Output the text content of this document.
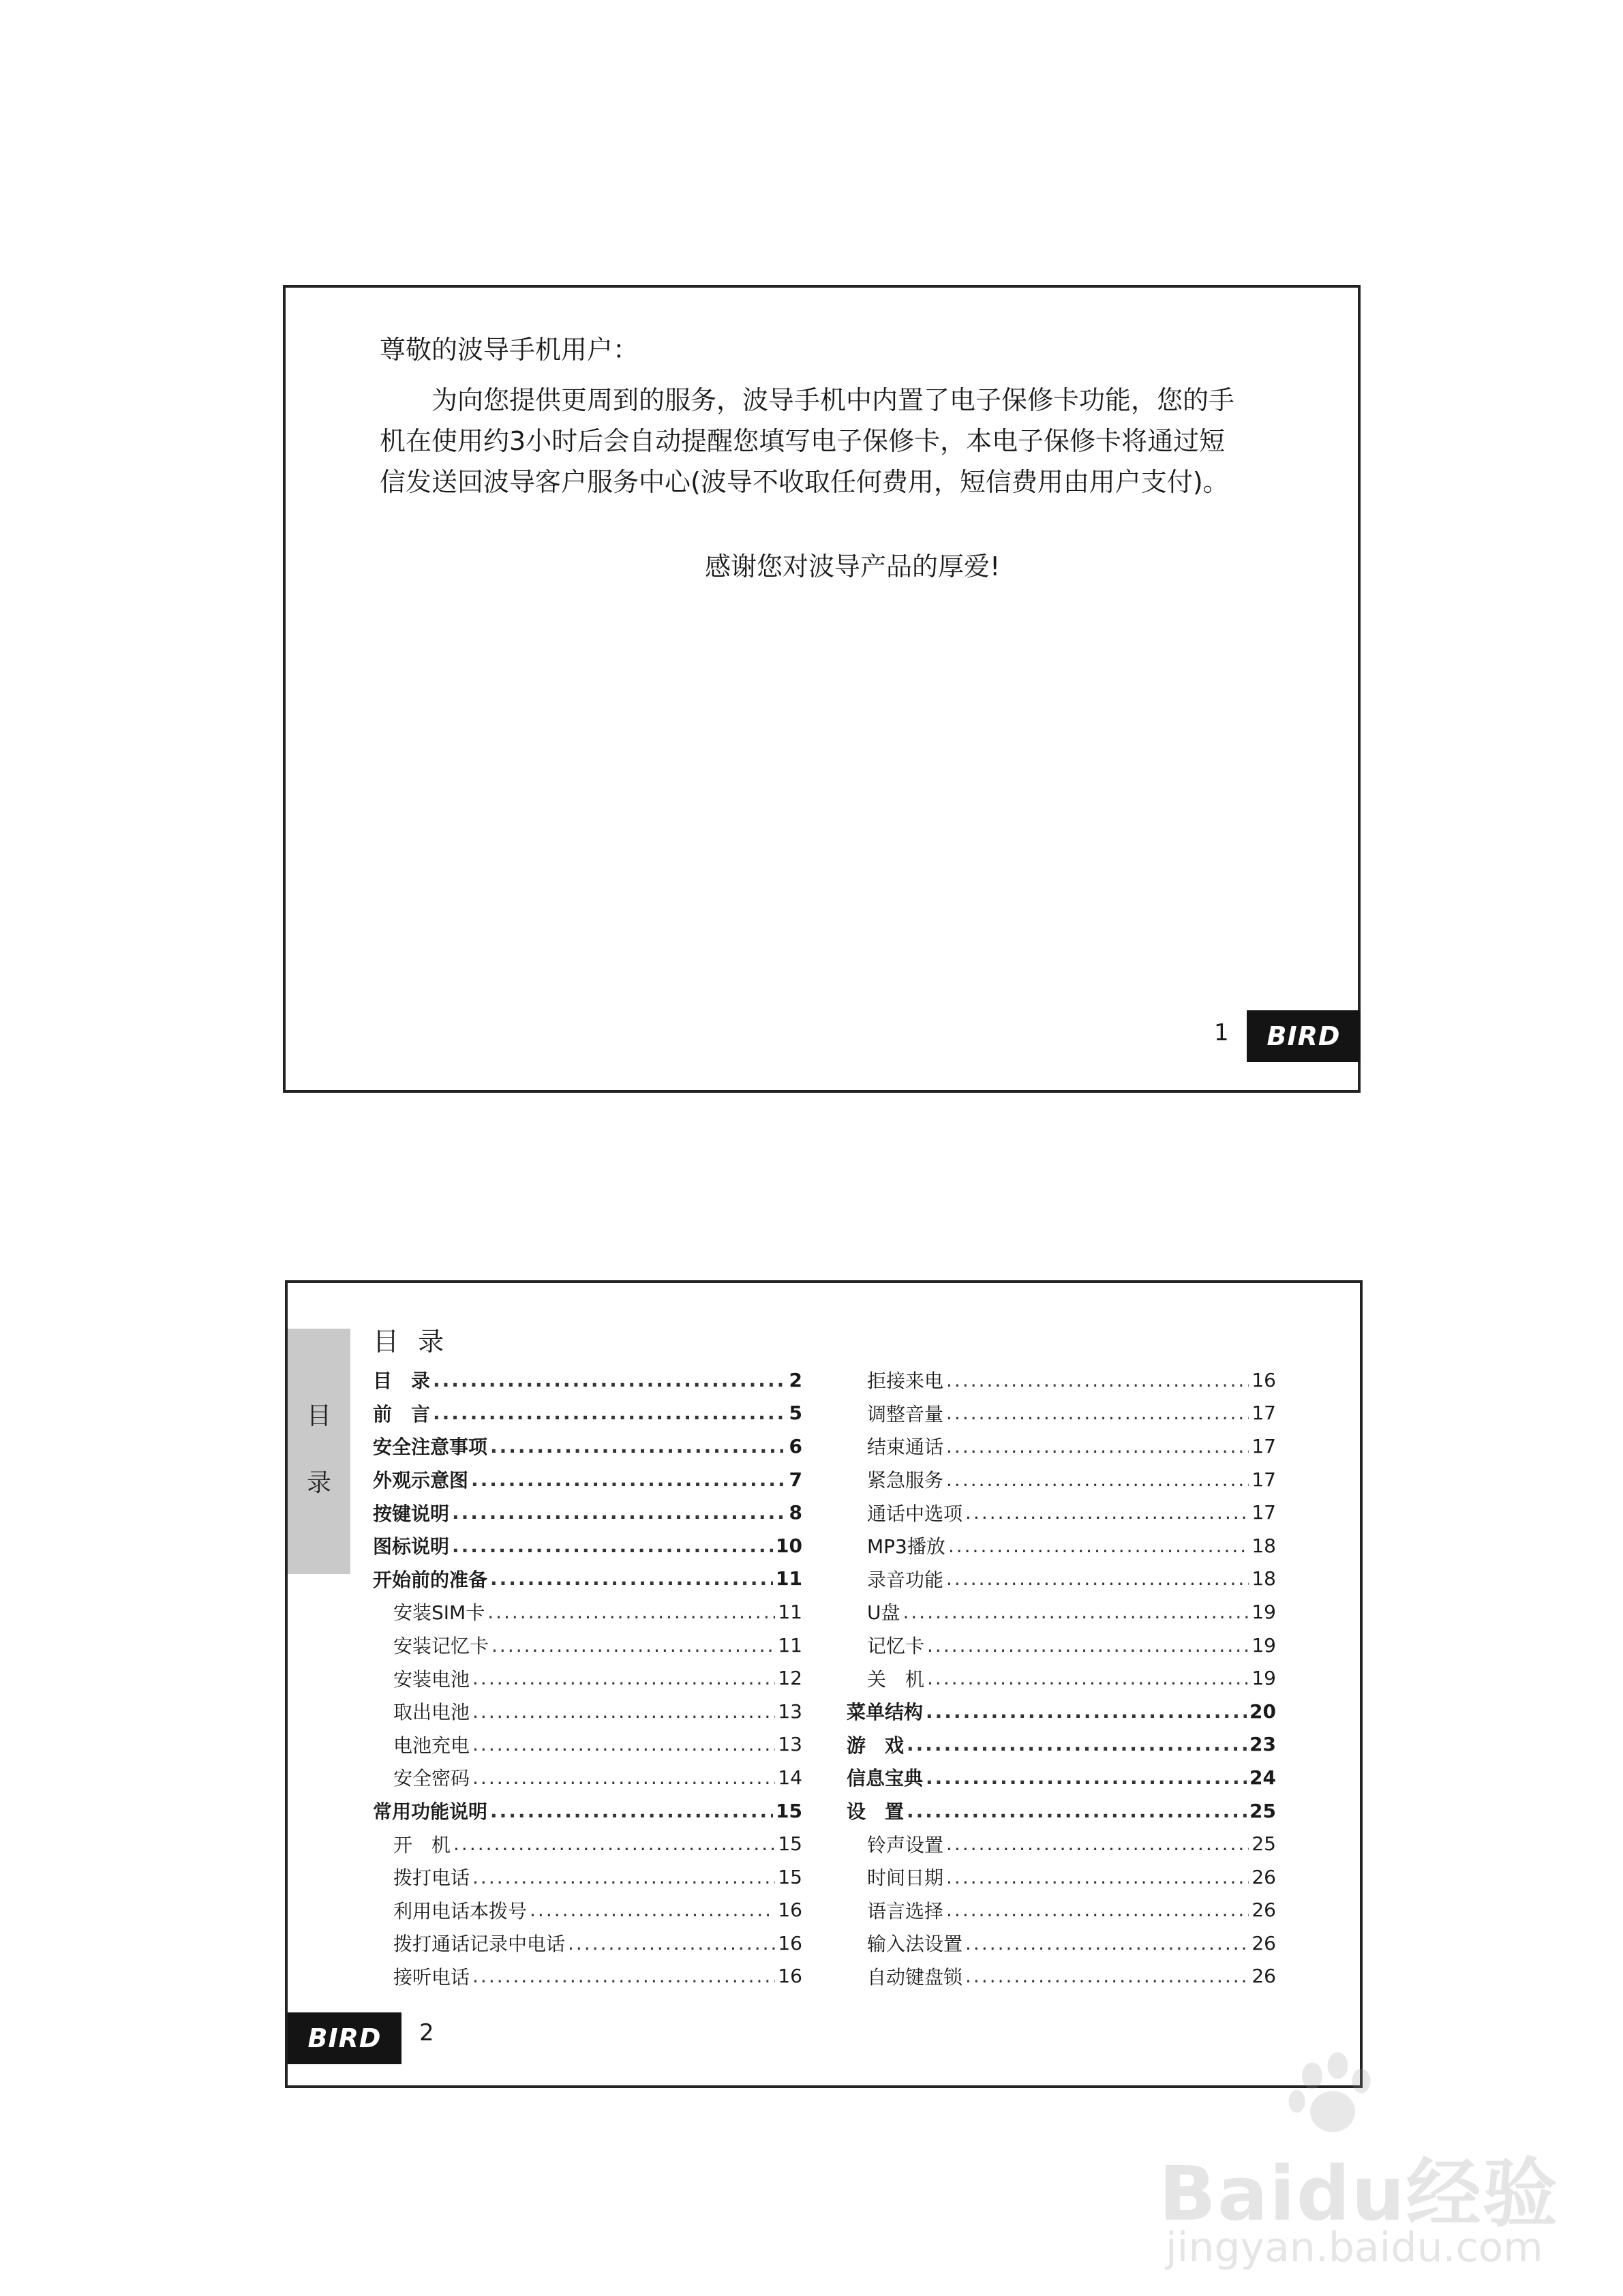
尊敬的波导手机用户：
为向您提供更周到的服务，波导手机中内置了电子保修卡功能，您的手
机在使用约3小时后会自动提醒您填写电子保修卡，本电子保修卡将通过短
信发送回波导客户服务中心(波导不收取任何费用，短信费用由用户支付)。
感谢您对波导产品的厚爱!
1 BIRD
目
录
目 录
目　录 .....	2
前　言 .....	5
安全注意事项 .....	6
外观示意图 .....	7
按键说明 .....	8
图标说明 .....	10
开始前的准备 .....	11
安装SIM卡 .....	11
安装记忆卡 .....	11
安装电池 .....	12
取出电池 .....	13
电池充电 .....	13
安全密码 .....	14
常用功能说明 .....	15
开　机 .....	15
拨打电话 .....	15
利用电话本拨号 .....	16
拨打通话记录中电话 .....	16
接听电话 .....	16
拒接来电 .....	16
调整音量 .....	17
结束通话 .....	17
紧急服务 .....	17
通话中选项 .....	17
MP3播放 .....	18
录音功能 .....	18
U盘 .....	19
记忆卡 .....	19
关　机 .....	19
菜单结构 .....	20
游　戏 .....	23
信息宝典 .....	24
设　置 .....	25
铃声设置 .....	25
时间日期 .....	26
语言选择 .....	26
输入法设置 .....	26
自动键盘锁 .....	26
BIRD 2
Baidu经验
jingyan.baidu.com
